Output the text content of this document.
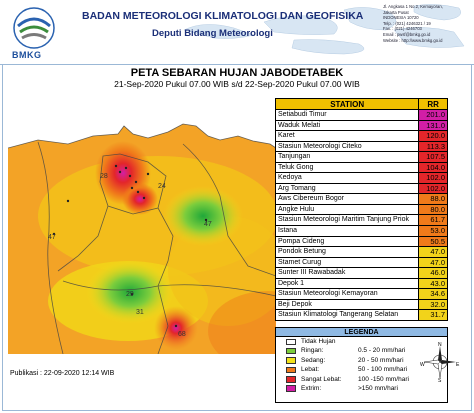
BMKG
BADAN METEOROLOGI KLIMATOLOGI DAN GEOFISIKA
Deputi Bidang Meteorologi
Jl. Angkasa 1 No.2, Kemayoran,
Jakarta Pusat
INDONESIA 10720
Telp. : (021) 4246321 / 19
Fax. : (021) 4246703
Email : pwsf@bmkg.go.id
Website : http://www.bmkg.go.id
PETA SEBARAN HUJAN JABODETABEK
21-Sep-2020 Pukul 07.00 WIB s/d 22-Sep-2020 Pukul 07.00 WIB
47
28
24
47
31
68
29
STATION	RR
Setiabudi Timur	201.0
Waduk Melati	131.0
Karet	120.0
Stasiun Meteorologi Citeko	113.3
Tanjungan	107.5
Teluk Gong	104.0
Kedoya	102.0
Arg Tomang	102.0
Aws Cibereum Bogor	88.0
Angke Hulu	80.0
Stasiun Meteorologi Maritim Tanjung Priok	61.7
Istana	53.0
Pompa Cideng	50.5
Pondok Betung	47.0
Stamet Curug	47.0
Sunter III Rawabadak	46.0
Depok 1	43.0
Stasiun Meteorologi Kemayoran	34.6
Beji Depok	32.0
Stasiun Klimatologi Tangerang Selatan	31.7
LEGENDA
Tidak Hujan
Ringan:	0.5 - 20 mm/hari
Sedang:	20 - 50 mm/hari
Lebat:	50 - 100 mm/hari
Sangat Lebat:	100 -150 mm/hari
Extrim:	>150 mm/hari
N
S
E
W
Publikasi : 22-09-2020 12:14 WIB
